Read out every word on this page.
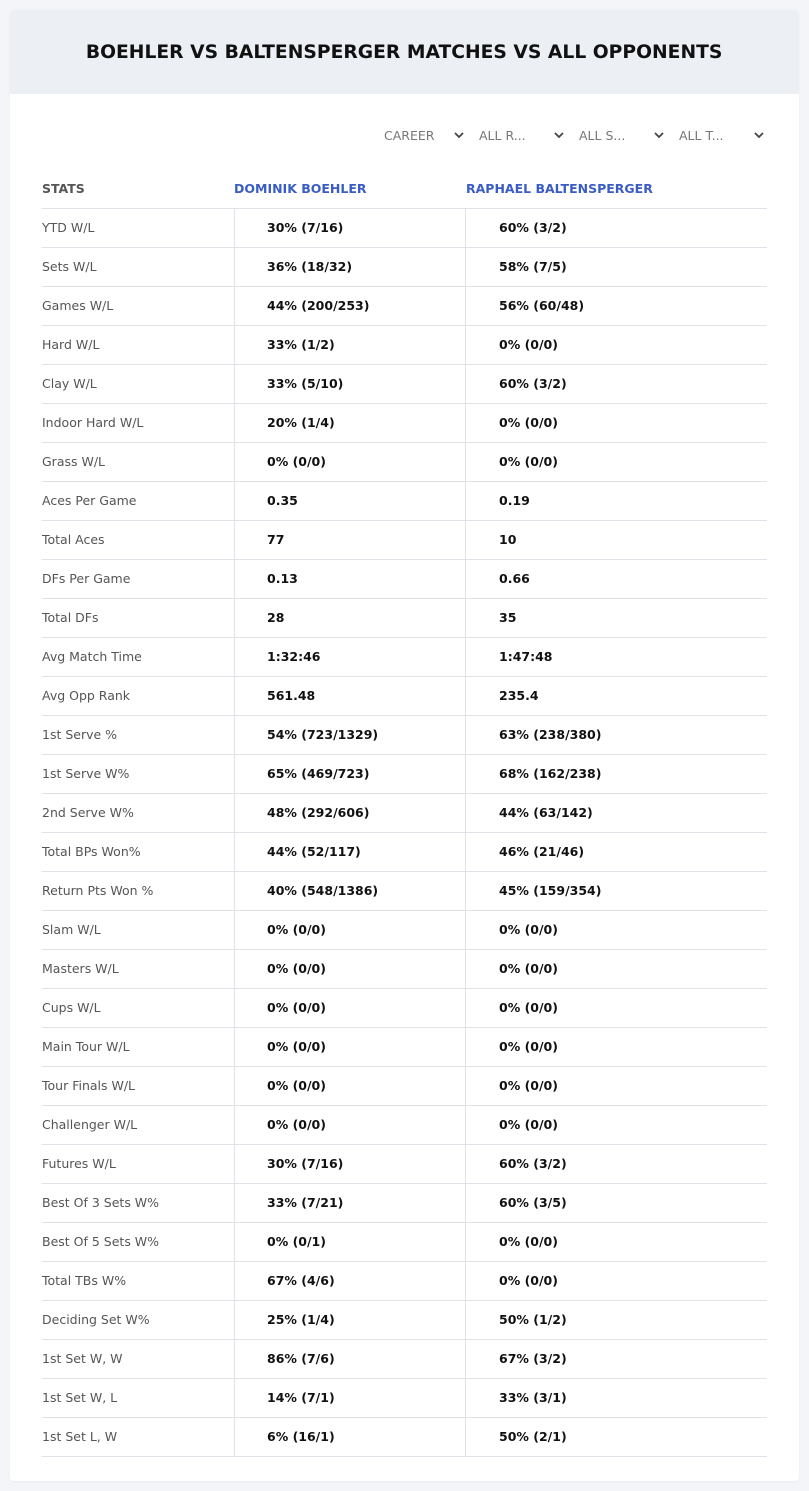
BOEHLER VS BALTENSPERGER MATCHES VS ALL OPPONENTS
CAREER	ALL R...	ALL S...	ALL T...
STATS	DOMINIK BOEHLER	RAPHAEL BALTENSPERGER
YTD W/L	30% (7/16)	60% (3/2)
Sets W/L	36% (18/32)	58% (7/5)
Games W/L	44% (200/253)	56% (60/48)
Hard W/L	33% (1/2)	0% (0/0)
Clay W/L	33% (5/10)	60% (3/2)
Indoor Hard W/L	20% (1/4)	0% (0/0)
Grass W/L	0% (0/0)	0% (0/0)
Aces Per Game	0.35	0.19
Total Aces	77	10
DFs Per Game	0.13	0.66
Total DFs	28	35
Avg Match Time	1:32:46	1:47:48
Avg Opp Rank	561.48	235.4
1st Serve %	54% (723/1329)	63% (238/380)
1st Serve W%	65% (469/723)	68% (162/238)
2nd Serve W%	48% (292/606)	44% (63/142)
Total BPs Won%	44% (52/117)	46% (21/46)
Return Pts Won %	40% (548/1386)	45% (159/354)
Slam W/L	0% (0/0)	0% (0/0)
Masters W/L	0% (0/0)	0% (0/0)
Cups W/L	0% (0/0)	0% (0/0)
Main Tour W/L	0% (0/0)	0% (0/0)
Tour Finals W/L	0% (0/0)	0% (0/0)
Challenger W/L	0% (0/0)	0% (0/0)
Futures W/L	30% (7/16)	60% (3/2)
Best Of 3 Sets W%	33% (7/21)	60% (3/5)
Best Of 5 Sets W%	0% (0/1)	0% (0/0)
Total TBs W%	67% (4/6)	0% (0/0)
Deciding Set W%	25% (1/4)	50% (1/2)
1st Set W, W	86% (7/6)	67% (3/2)
1st Set W, L	14% (7/1)	33% (3/1)
1st Set L, W	6% (16/1)	50% (2/1)
